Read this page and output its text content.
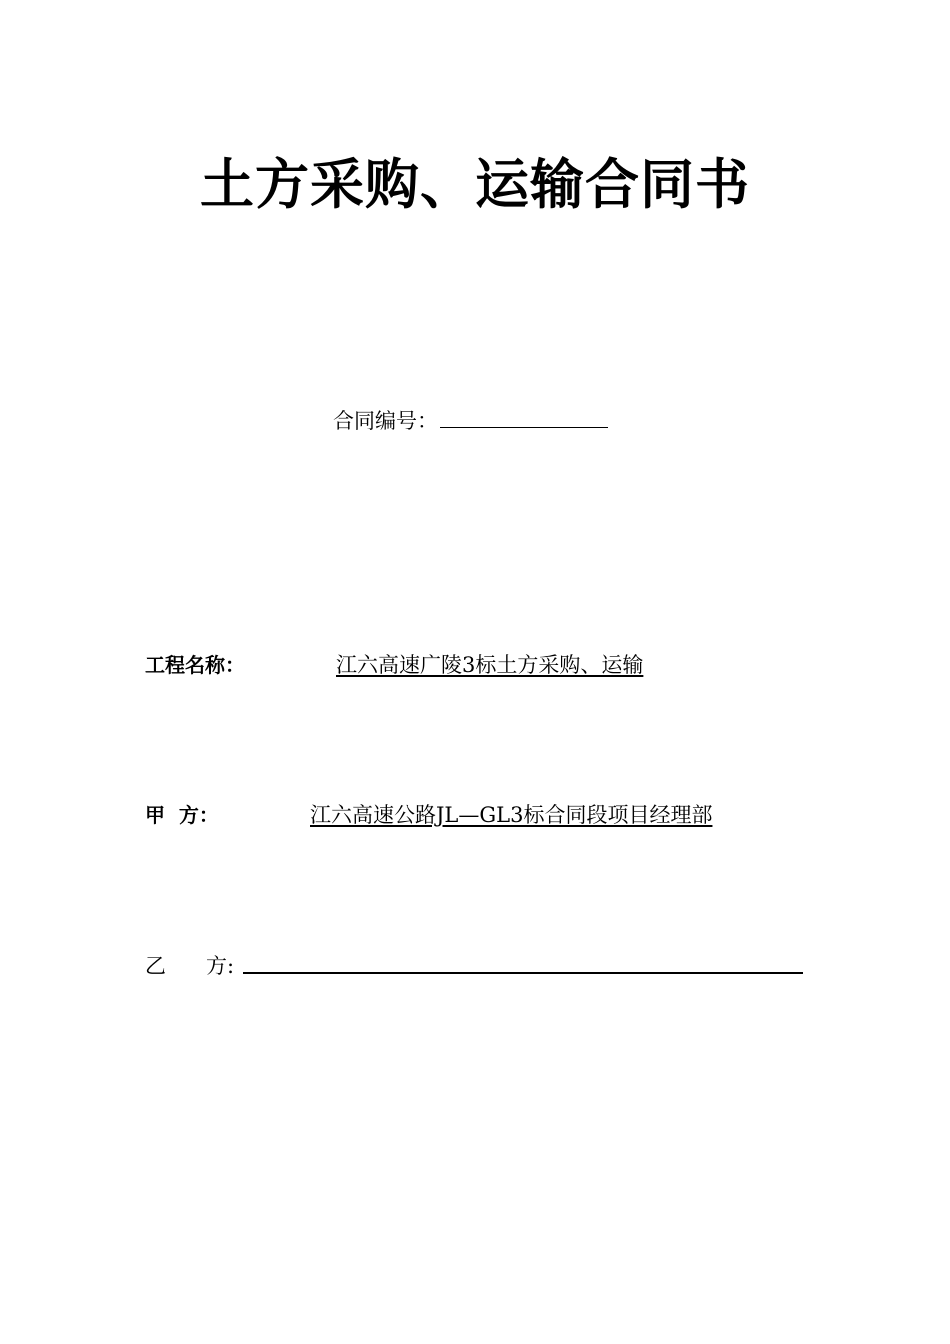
土方采购、运输合同书
合同编号：
工程名称：	江六高速广陵3标土方采购、运输
甲  方：	江六高速公路JL—GL3标合同段项目经理部
乙      方:
